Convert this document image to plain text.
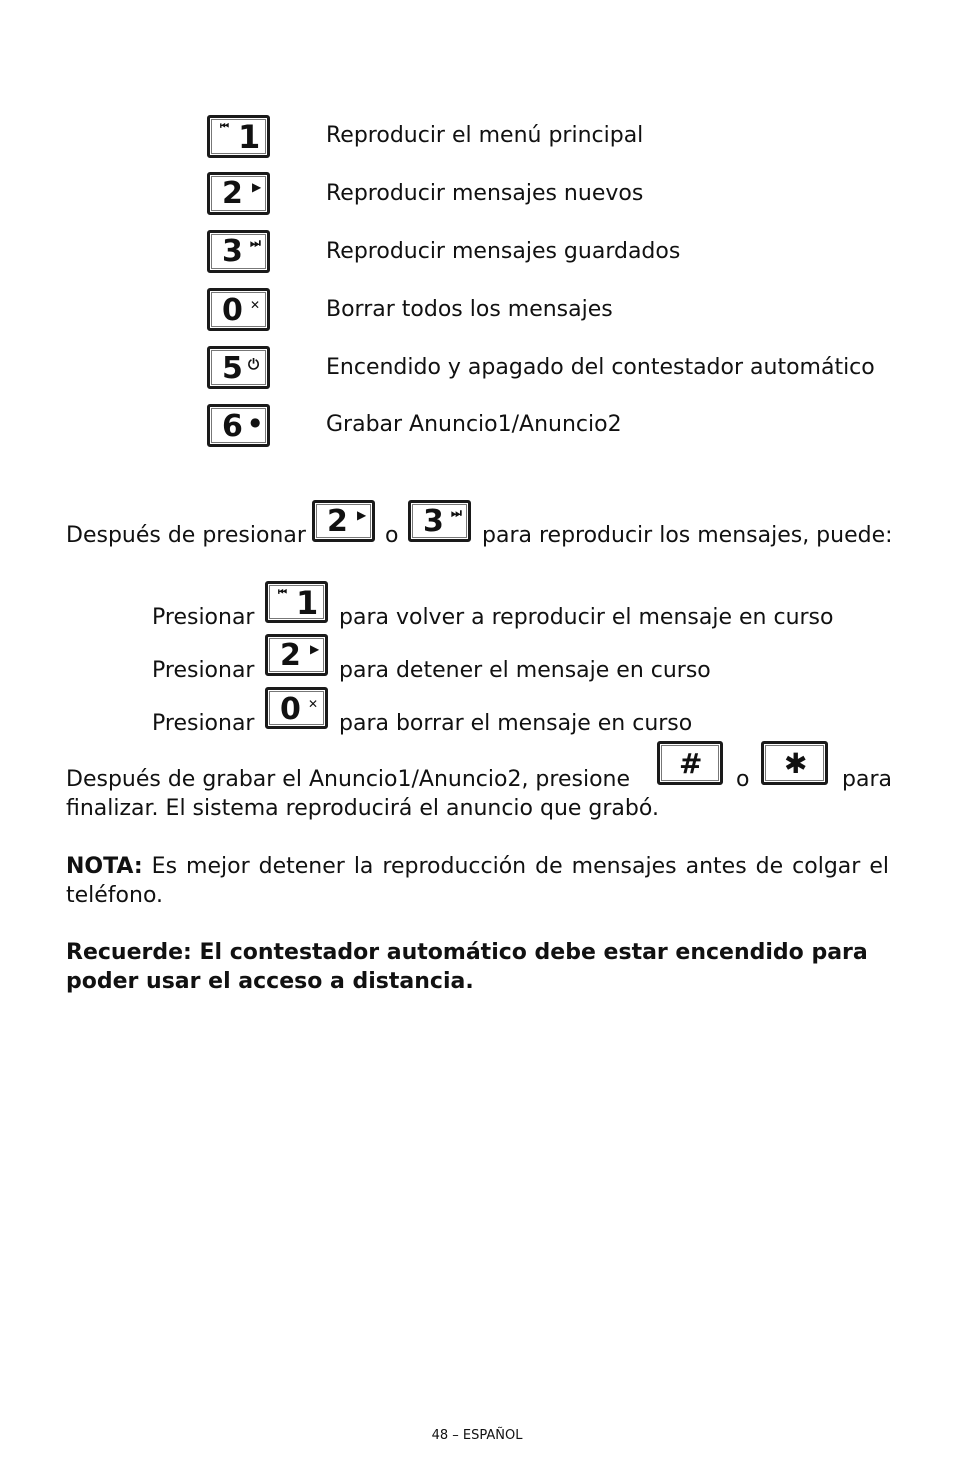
⏮ 1	Reproducir el menú principal
2 ▶	Reproducir mensajes nuevos
3 ⏭	Reproducir mensajes guardados
0 ✕	Borrar todos los mensajes
5 ⏻	Encendido y apagado del contestador automático
6 ●	Grabar Anuncio1/Anuncio2
Después de presionar 2 ▶
o 3 ⏭
para reproducir los mensajes, puede:
Presionar
⏮ 1 para volver a reproducir el mensaje en curso
Presionar 2 ▶
para detener el mensaje en curso
Presionar 0 ✕
para borrar el mensaje en curso
Después de grabar el Anuncio1/Anuncio2, presione # o ✱ para
finalizar. El sistema reproducirá el anuncio que grabó.
NOTA: Es mejor detener la reproducción de mensajes antes de colgar el teléfono.
Recuerde: El contestador automático debe estar encendido para poder usar el acceso a distancia.
48 – ESPAÑOL
